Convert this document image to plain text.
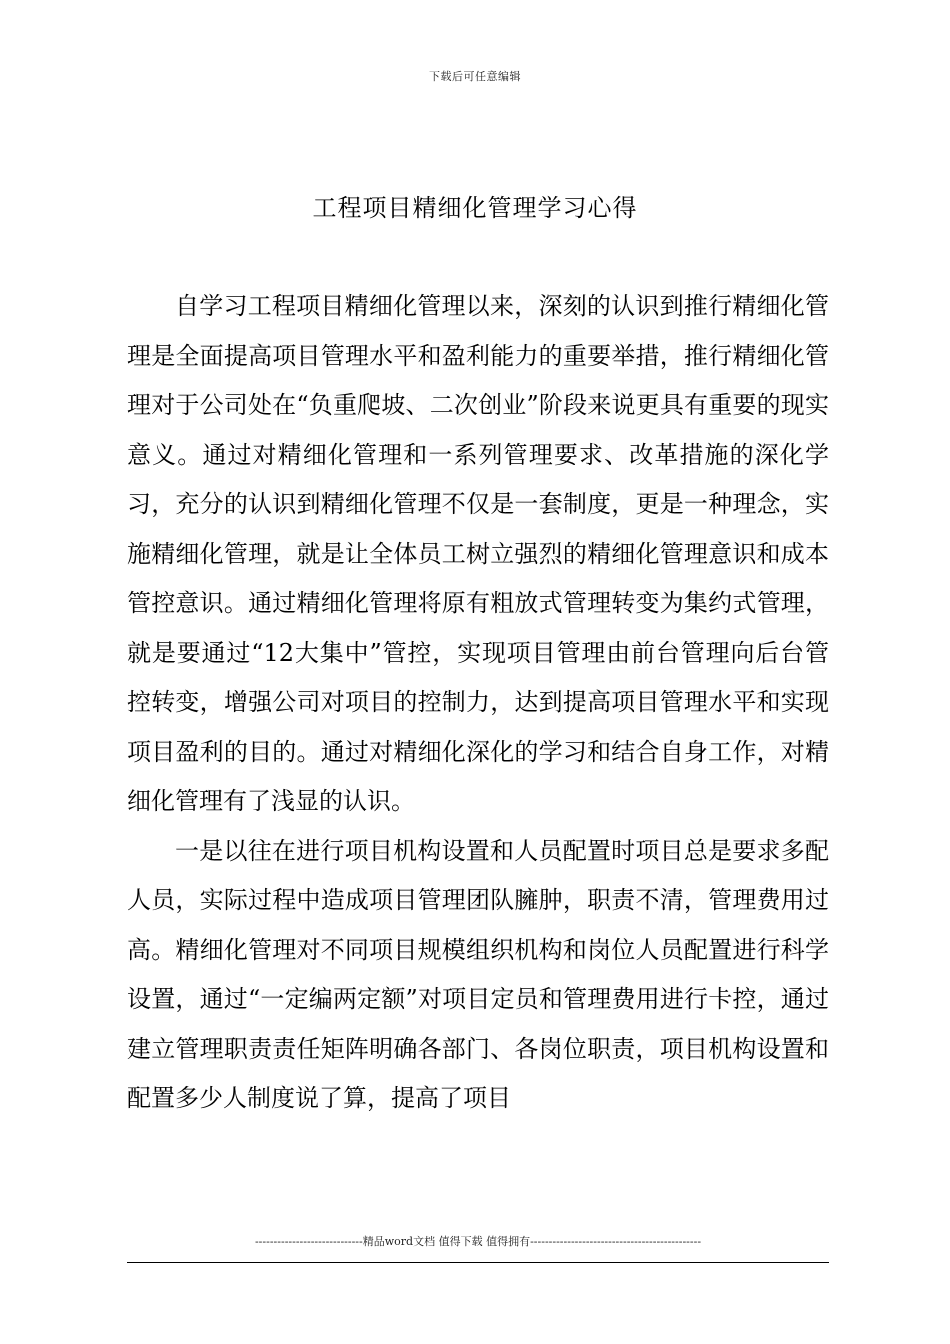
下载后可任意编辑
工程项目精细化管理学习心得

自学习工程项目精细化管理以来，深刻的认识到推行精细化管理是全面提高项目管理水平和盈利能力的重要举措，推行精细化管理对于公司处在“负重爬坡、二次创业”阶段来说更具有重要的现实意义。通过对精细化管理和一系列管理要求、改革措施的深化学习，充分的认识到精细化管理不仅是一套制度，更是一种理念，实施精细化管理，就是让全体员工树立强烈的精细化管理意识和成本管控意识。通过精细化管理将原有粗放式管理转变为集约式管理，就是要通过“12大集中”管控，实现项目管理由前台管理向后台管控转变，增强公司对项目的控制力，达到提高项目管理水平和实现项目盈利的目的。通过对精细化深化的学习和结合自身工作，对精细化管理有了浅显的认识。

一是以往在进行项目机构设置和人员配置时项目总是要求多配人员，实际过程中造成项目管理团队臃肿，职责不清，管理费用过高。精细化管理对不同项目规模组织机构和岗位人员配置进行科学设置，通过“一定编两定额”对项目定员和管理费用进行卡控，通过建立管理职责责任矩阵明确各部门、各岗位职责，项目机构设置和配置多少人制度说了算，提高了项目

-----------------------------精品word文档 值得下载 值得拥有----------------------------------------------
